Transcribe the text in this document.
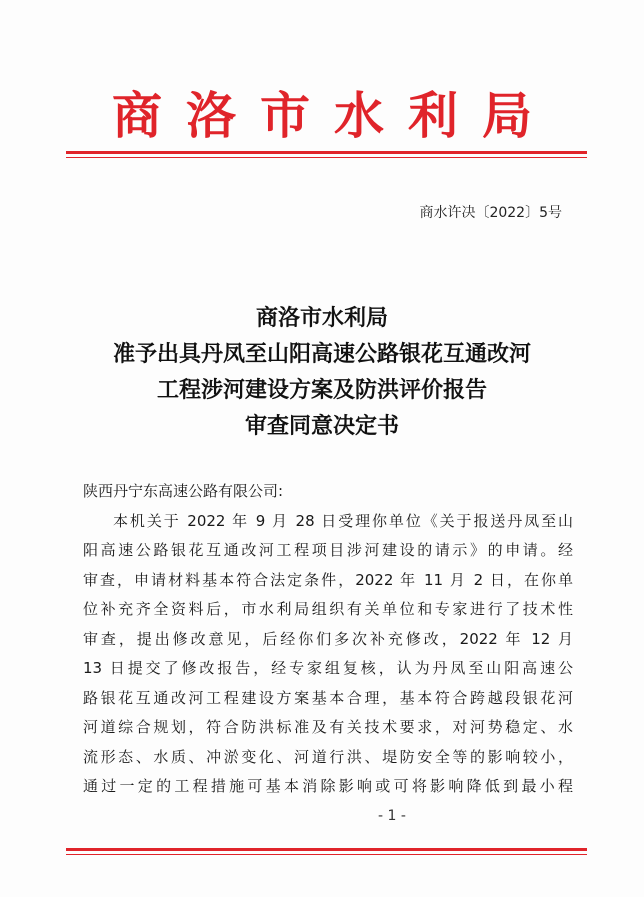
商洛市水利局
商水许决〔2022〕5号
商洛市水利局
准予出具丹凤至山阳高速公路银花互通改河
工程涉河建设方案及防洪评价报告
审查同意决定书
陕西丹宁东高速公路有限公司:
本机关于 2022 年 9 月 28 日受理你单位《关于报送丹凤至山
阳高速公路银花互通改河工程项目涉河建设的请示》的申请。经
审查，申请材料基本符合法定条件，2022 年 11 月 2 日，在你单
位补充齐全资料后，市水利局组织有关单位和专家进行了技术性
审查，提出修改意见，后经你们多次补充修改，2022 年 12 月
13 日提交了修改报告，经专家组复核，认为丹凤至山阳高速公
路银花互通改河工程建设方案基本合理，基本符合跨越段银花河
河道综合规划，符合防洪标准及有关技术要求，对河势稳定、水
流形态、水质、冲淤变化、河道行洪、堤防安全等的影响较小，
通过一定的工程措施可基本消除影响或可将影响降低到最小程
- 1 -
